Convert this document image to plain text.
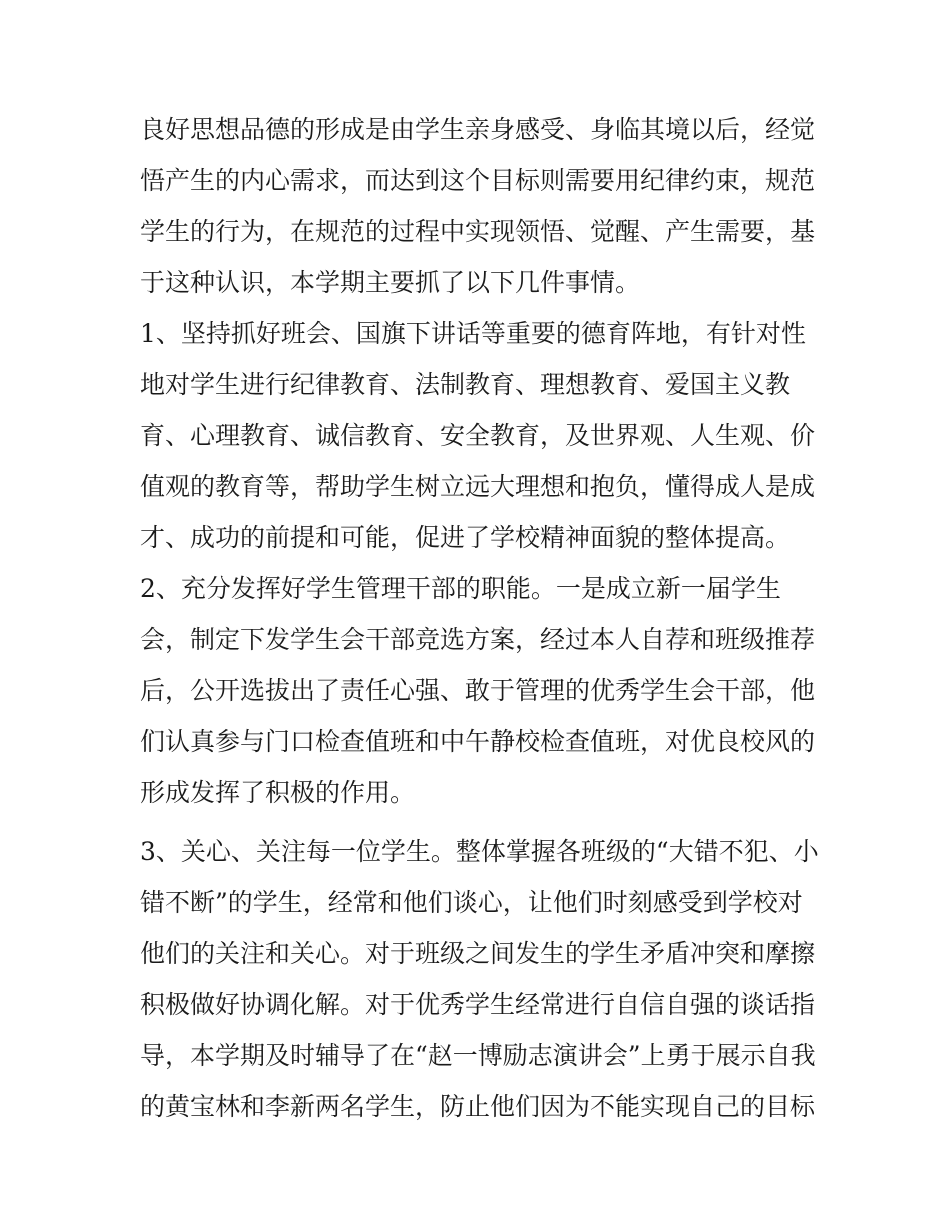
良好思想品德的形成是由学生亲身感受、身临其境以后，经觉
悟产生的内心需求，而达到这个目标则需要用纪律约束，规范
学生的行为，在规范的过程中实现领悟、觉醒、产生需要，基
于这种认识，本学期主要抓了以下几件事情。
1、坚持抓好班会、国旗下讲话等重要的德育阵地，有针对性
地对学生进行纪律教育、法制教育、理想教育、爱国主义教
育、心理教育、诚信教育、安全教育，及世界观、人生观、价
值观的教育等，帮助学生树立远大理想和抱负，懂得成人是成
才、成功的前提和可能，促进了学校精神面貌的整体提高。
2、充分发挥好学生管理干部的职能。一是成立新一届学生
会，制定下发学生会干部竞选方案，经过本人自荐和班级推荐
后，公开选拔出了责任心强、敢于管理的优秀学生会干部，他
们认真参与门口检查值班和中午静校检查值班，对优良校风的
形成发挥了积极的作用。
3、关心、关注每一位学生。整体掌握各班级的“大错不犯、小
错不断”的学生，经常和他们谈心，让他们时刻感受到学校对
他们的关注和关心。对于班级之间发生的学生矛盾冲突和摩擦
积极做好协调化解。对于优秀学生经常进行自信自强的谈话指
导，本学期及时辅导了在“赵一博励志演讲会”上勇于展示自我
的黄宝林和李新两名学生，防止他们因为不能实现自己的目标
